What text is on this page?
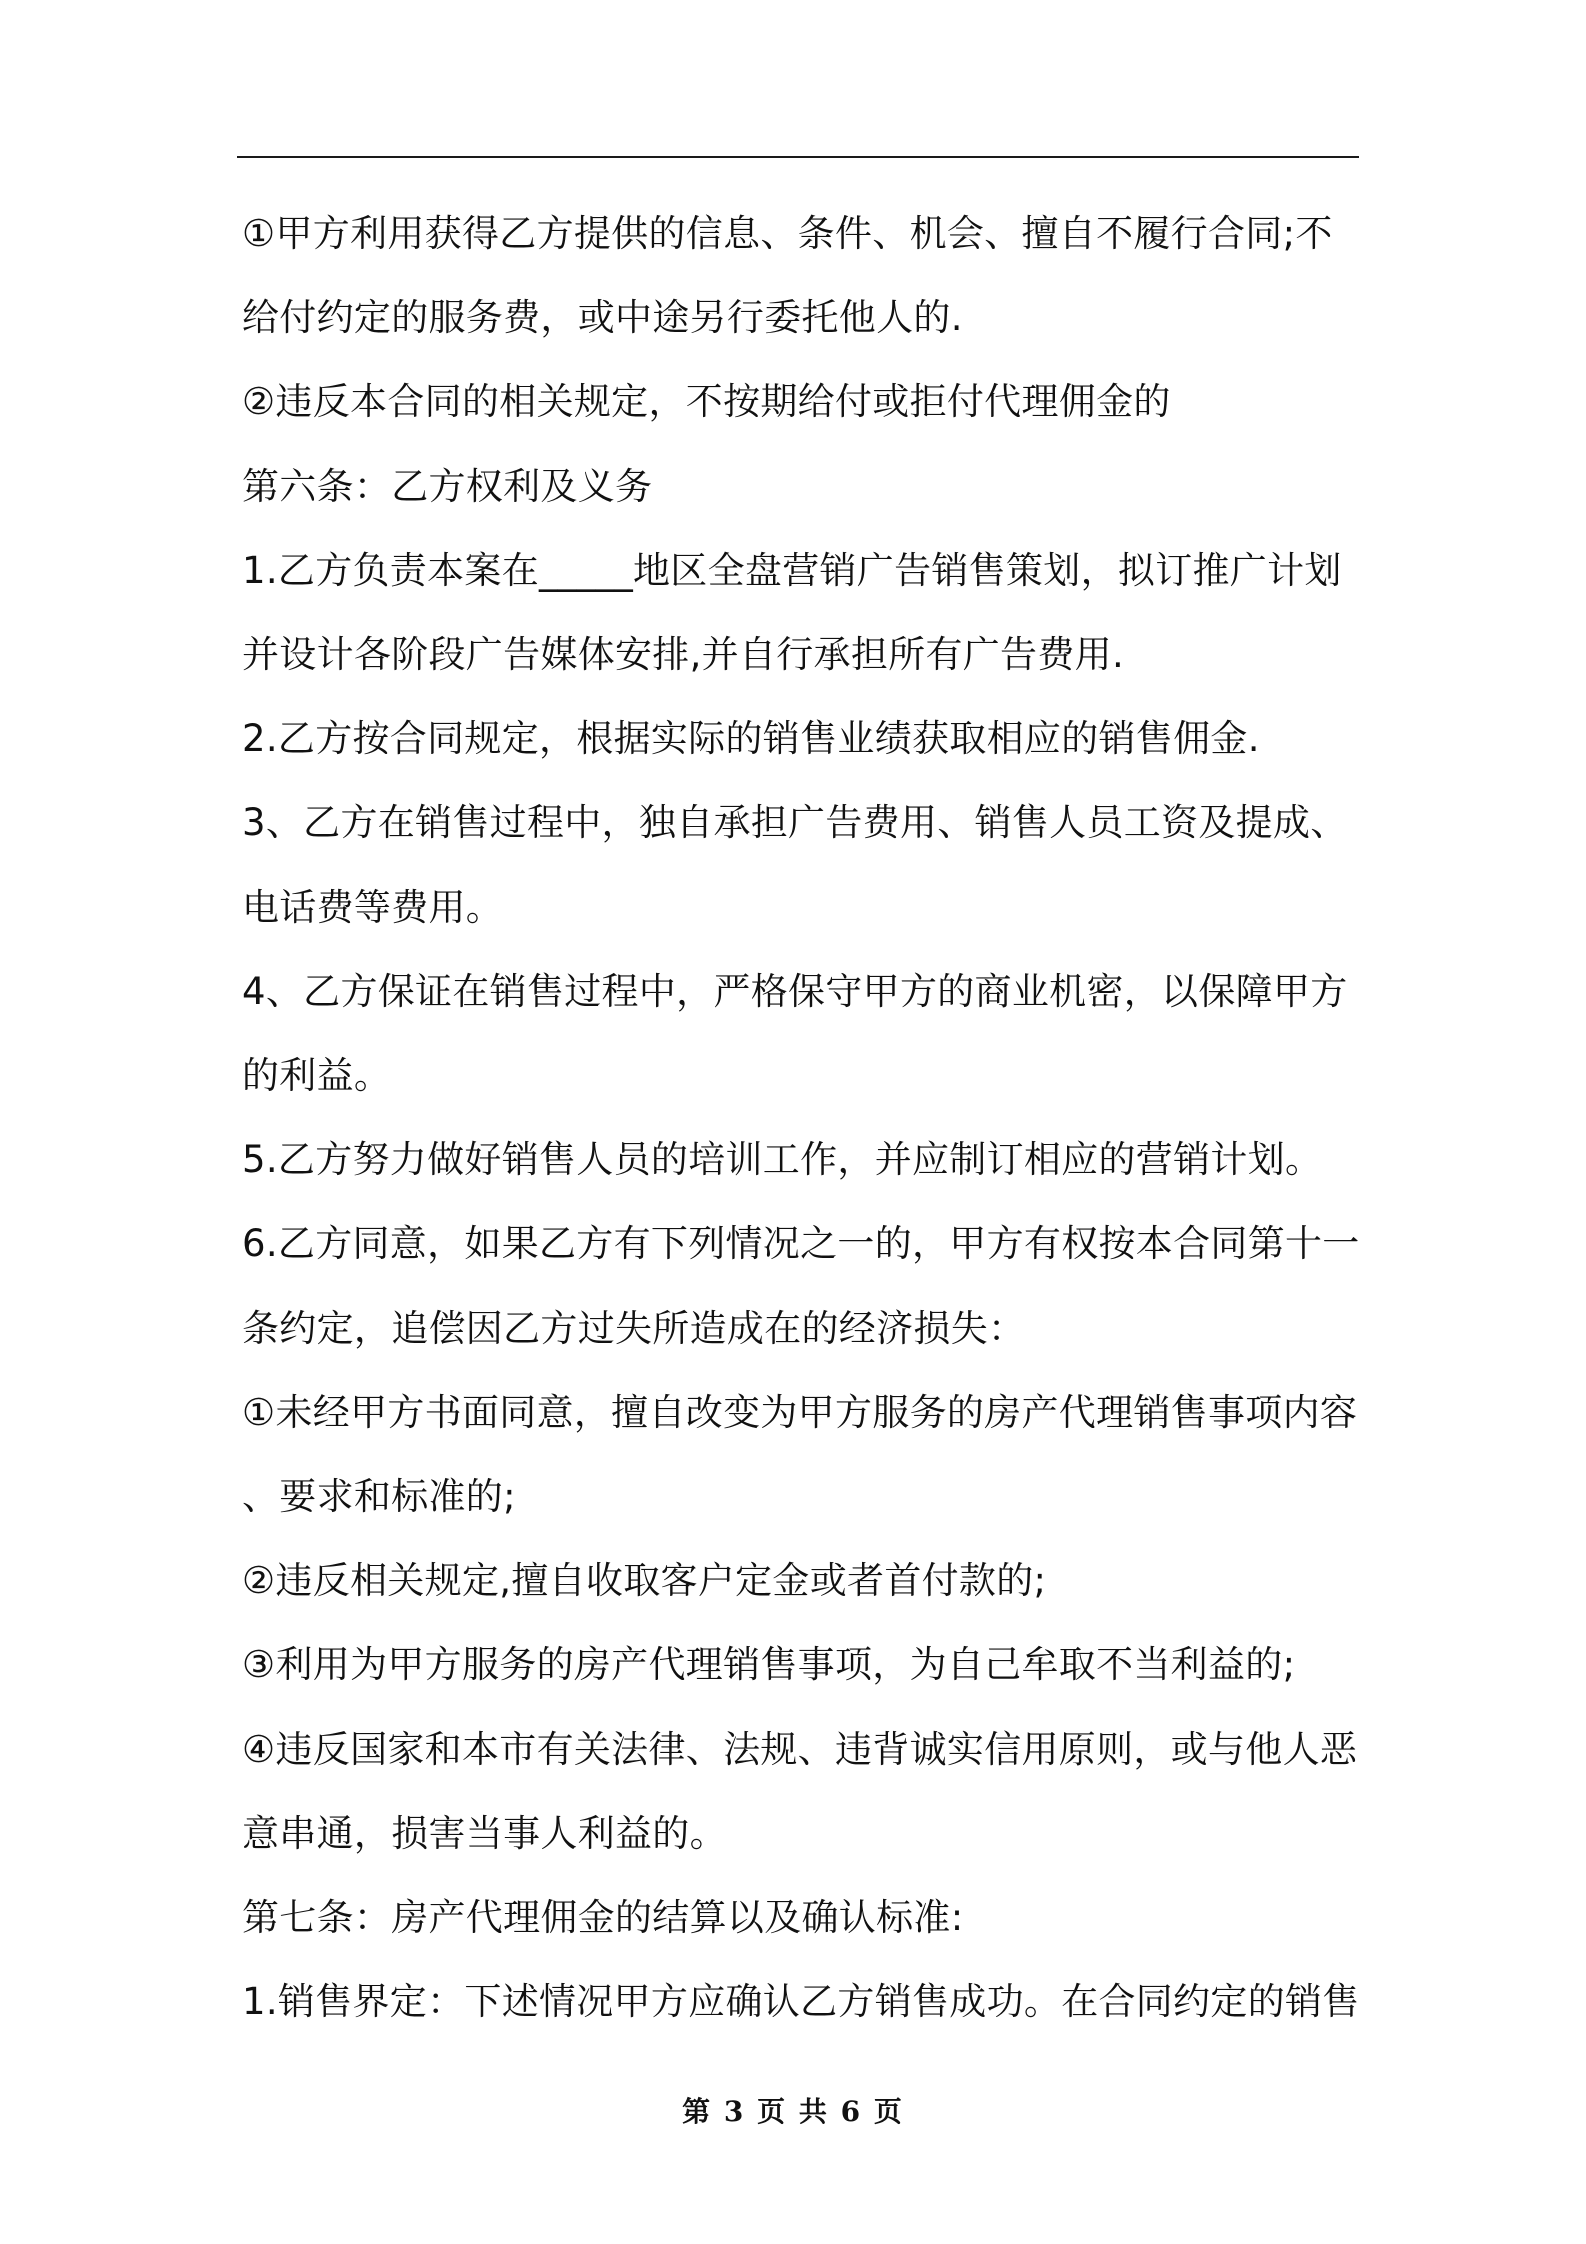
①甲方利用获得乙方提供的信息、条件、机会、擅自不履行合同;不

给付约定的服务费，或中途另行委托他人的.

②违反本合同的相关规定，不按期给付或拒付代理佣金的

第六条：乙方权利及义务

1.乙方负责本案在_____地区全盘营销广告销售策划，拟订推广计划

并设计各阶段广告媒体安排,并自行承担所有广告费用.

2.乙方按合同规定，根据实际的销售业绩获取相应的销售佣金.

3、乙方在销售过程中，独自承担广告费用、销售人员工资及提成、

电话费等费用。

4、乙方保证在销售过程中，严格保守甲方的商业机密，以保障甲方

的利益。

5.乙方努力做好销售人员的培训工作，并应制订相应的营销计划。

6.乙方同意，如果乙方有下列情况之一的，甲方有权按本合同第十一

条约定，追偿因乙方过失所造成在的经济损失：

①未经甲方书面同意，擅自改变为甲方服务的房产代理销售事项内容

、要求和标准的;

②违反相关规定,擅自收取客户定金或者首付款的;

③利用为甲方服务的房产代理销售事项，为自己牟取不当利益的;

④违反国家和本市有关法律、法规、违背诚实信用原则，或与他人恶

意串通，损害当事人利益的。

第七条：房产代理佣金的结算以及确认标准:

1.销售界定：下述情况甲方应确认乙方销售成功。在合同约定的销售

第 3 页 共 6 页
